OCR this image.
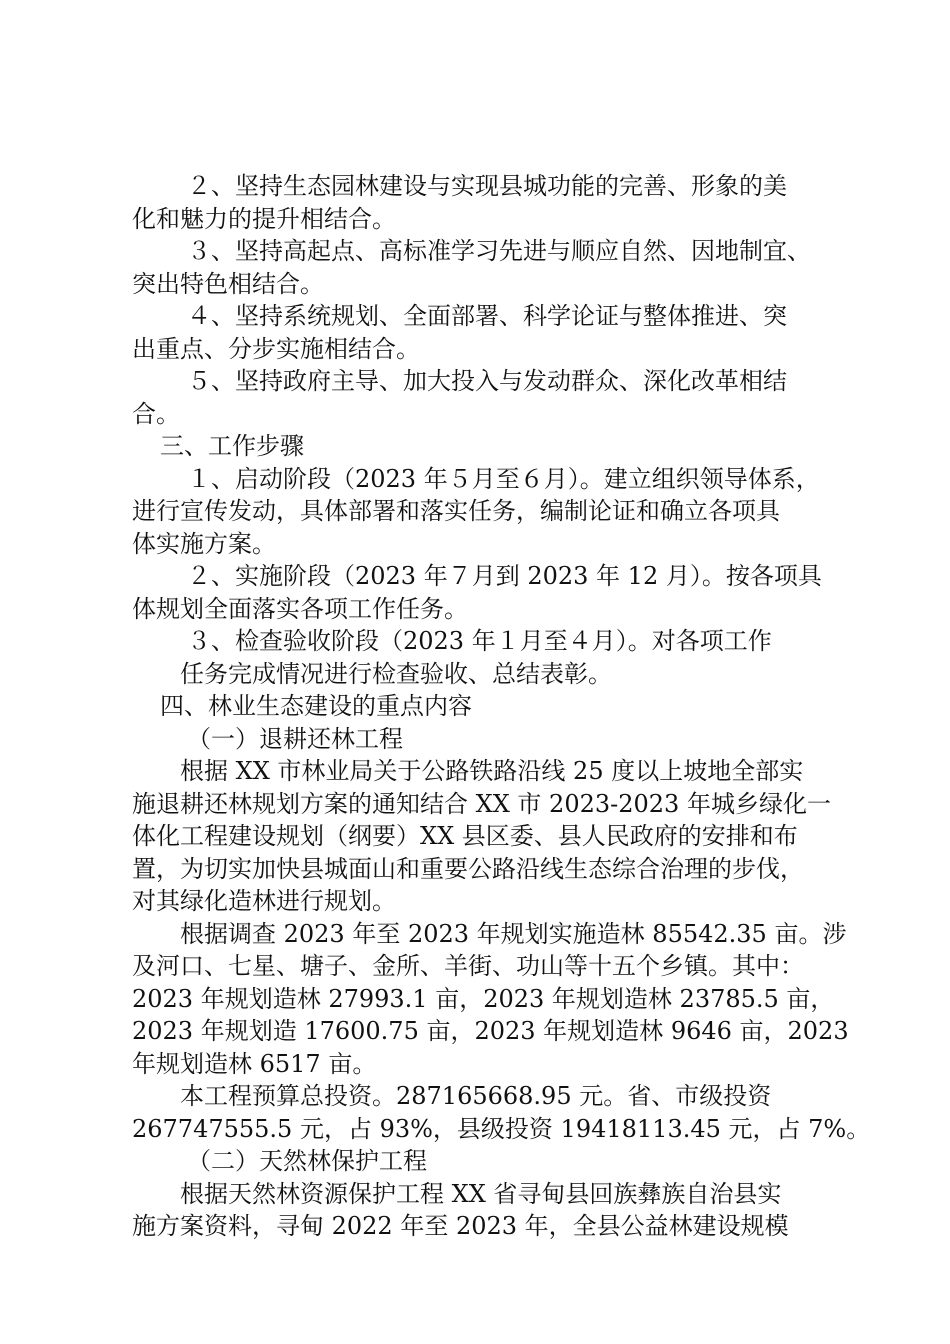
２、坚持生态园林建设与实现县城功能的完善、形象的美
化和魅力的提升相结合。
３、坚持高起点、高标准学习先进与顺应自然、因地制宜、
突出特色相结合。
４、坚持系统规划、全面部署、科学论证与整体推进、突
出重点、分步实施相结合。
５、坚持政府主导、加大投入与发动群众、深化改革相结
合。
三、工作步骤
１、启动阶段（2023 年５月至６月）。建立组织领导体系，
进行宣传发动，具体部署和落实任务，编制论证和确立各项具
体实施方案。
２、实施阶段（2023 年７月到 2023 年 12 月）。按各项具
体规划全面落实各项工作任务。
３、检查验收阶段（2023 年１月至４月）。对各项工作
任务完成情况进行检查验收、总结表彰。
四、林业生态建设的重点内容
（一）退耕还林工程
根据 XX 市林业局关于公路铁路沿线 25 度以上坡地全部实
施退耕还林规划方案的通知结合 XX 市 2023-2023 年城乡绿化一
体化工程建设规划（纲要）XX 县区委、县人民政府的安排和布
置，为切实加快县城面山和重要公路沿线生态综合治理的步伐，
对其绿化造林进行规划。
根据调查 2023 年至 2023 年规划实施造林 85542.35 亩。涉
及河口、七星、塘子、金所、羊街、功山等十五个乡镇。其中：
2023 年规划造林 27993.1 亩，2023 年规划造林 23785.5 亩，
2023 年规划造 17600.75 亩，2023 年规划造林 9646 亩，2023
年规划造林 6517 亩。
本工程预算总投资。287165668.95 元。省、市级投资
267747555.5 元，占 93%，县级投资 19418113.45 元，占 7%。
（二）天然林保护工程
根据天然林资源保护工程 XX 省寻甸县回族彝族自治县实
施方案资料，寻甸 2022 年至 2023 年，全县公益林建设规模
